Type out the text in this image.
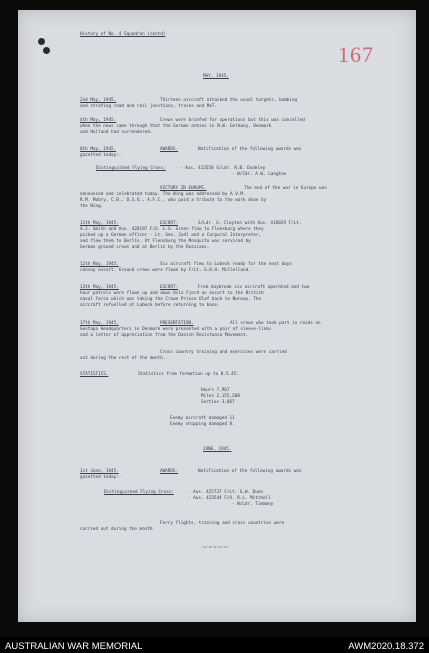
167
History of No. 4 Squadron (contd)
MAY, 1945.
2nd May, 1945.	Thirteen aircraft attacked the usual targets, bombing
and strafing road and rail junctions, trains and MeT.
4th May, 1945.	Crews were briefed for operations but this was cancelled
when the news came through that the German armies in N.W. Germany, Denmark
and Holland had surrendered.
8th May, 1945.	AWARDS.	Notification of the following awards was
gazetted today:-
Distinguished Flying Cross:	- Aus. 413558 S/Ldr. R.B. Dunkley
- W/Cdr. A.W. Langton
VICTORY IN EUROPE.	The end of the war in Europe was
announced and celebrated today. The Wing was addressed by A.V.M.
R.M. Mobry, C.B., D.S.O., A.F.C., who paid a tribute to the work done by
the Wing.
11th May, 1945.	ESCORT.	S/Ldr. G. Clayton with Aus. 418029 F/Lt.
A.J. Smith and Aus. 420197 F/O. L.S. Green flew to Flensburg where they
picked up a German officer - Lt. Gen. Jodl and a Corporal Interpreter,
and flew them to Berlin. At Flensburg the Mosquito was serviced by
German ground crews and at Berlin by the Russians.
12th May, 1945.	Six aircraft flew to Lubeck ready for the next days
convoy escort. Ground crews were flown by F/Lt. G.R.H. McClelland.
13th May, 1945.	ESCORT.	From daybreak six aircraft operated and two
hour patrols were flown up and down Oslo Fjord as escort to the British
naval force which was taking the Crown Prince Olaf back to Norway. The
aircraft refuelled at Lubeck before returning to base.
17th May, 1945.	PRESENTATION.	All crews who took part in raids on
Gestapo Headquarters in Denmark were presented with a pair of sleeve-links
and a letter of appreciation from the Danish Resistance Movement.
Cross country training and exercises were carried
out during the rest of the month.
STATISTICS.	Statistics from formation up to 8.5.45.
Hours 7,967
Miles 2,155,208
Sorties 3,067
Enemy aircraft damaged 11
Enemy shipping damaged 8.
JUNE, 1945.
1st June, 1945.	AWARDS.	Notification of the following awards was
gazetted today:-
Distinguished Flying Cross:	- Aus. 425737 F/Lt. G.W. Dunn
- Aus. 423544 F/O. R.L. Mitchell
- W/Ldr. Timmony
Ferry flights, training and cross countries were
carried out during the month.
-=-=-=-=-=-
AUSTRALIAN WAR MEMORIAL	AWM2020.18.372
